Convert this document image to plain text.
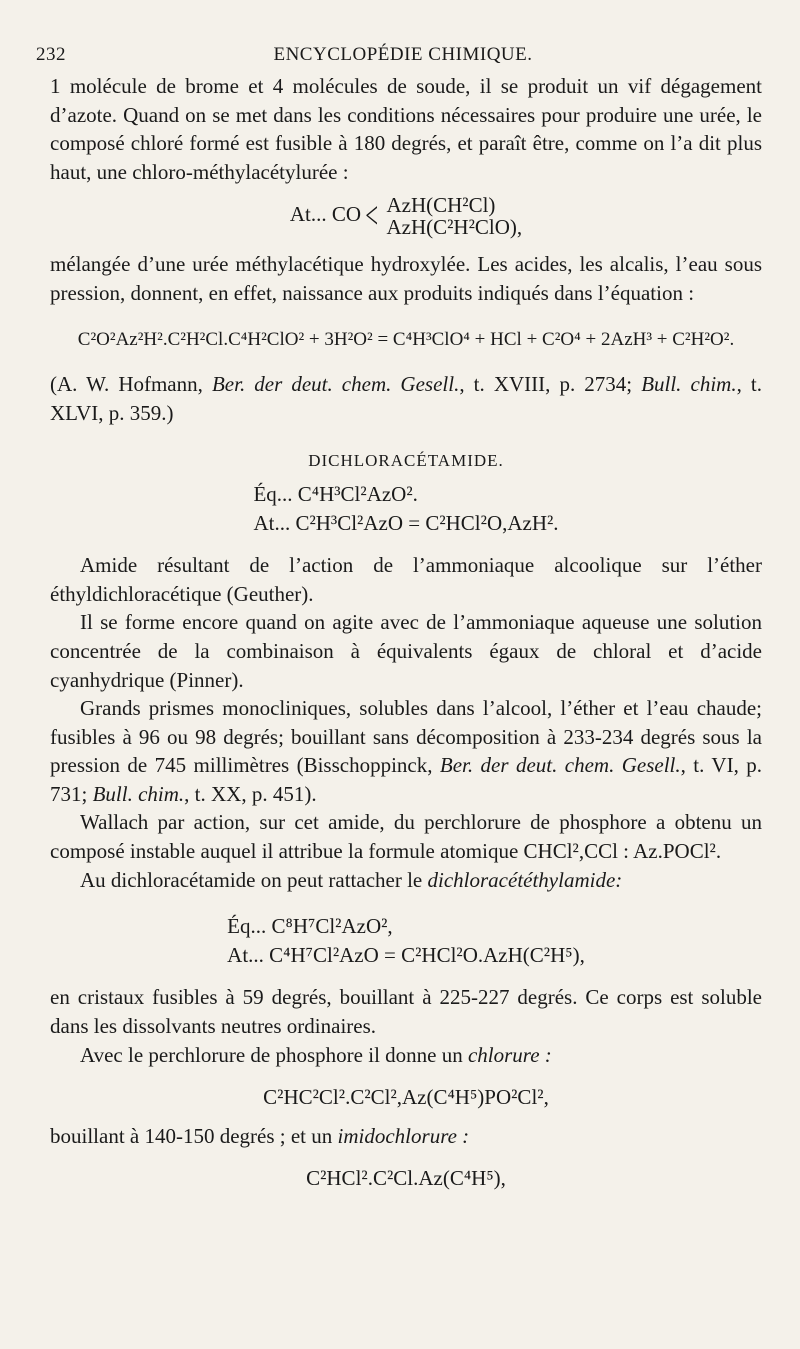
232	ENCYCLOPÉDIE CHIMIQUE.

1 molécule de brome et 4 molécules de soude, il se produit un vif dégagement d’azote. Quand on se met dans les conditions nécessaires pour produire une urée, le composé chloré formé est fusible à 180 degrés, et paraît être, comme on l’a dit plus haut, une chloro-méthylacétylurée :

At... CO < AzH(CH²Cl)
AzH(C²H²ClO),

mélangée d’une urée méthylacétique hydroxylée. Les acides, les alcalis, l’eau sous pression, donnent, en effet, naissance aux produits indiqués dans l’équation :

C²O²Az²H².C²H²Cl.C⁴H²ClO² + 3H²O² = C⁴H³ClO⁴ + HCl + C²O⁴ + 2AzH³ + C²H²O².

(A. W. Hofmann, Ber. der deut. chem. Gesell., t. XVIII, p. 2734; Bull. chim., t. XLVI, p. 359.)

DICHLORACÉTAMIDE.
Éq... C⁴H³Cl²AzO².
At... C²H³Cl²AzO = C²HCl²O,AzH².

Amide résultant de l’action de l’ammoniaque alcoolique sur l’éther éthyldichloracétique (Geuther).

Il se forme encore quand on agite avec de l’ammoniaque aqueuse une solution concentrée de la combinaison à équivalents égaux de chloral et d’acide cyanhydrique (Pinner).

Grands prismes monocliniques, solubles dans l’alcool, l’éther et l’eau chaude; fusibles à 96 ou 98 degrés; bouillant sans décomposition à 233-234 degrés sous la pression de 745 millimètres (Bisschoppinck, Ber. der deut. chem. Gesell., t. VI, p. 731; Bull. chim., t. XX, p. 451).

Wallach par action, sur cet amide, du perchlorure de phosphore a obtenu un composé instable auquel il attribue la formule atomique CHCl²,CCl : Az.POCl².

Au dichloracétamide on peut rattacher le dichloracététhylamide:

Éq... C⁸H⁷Cl²AzO²,
At... C⁴H⁷Cl²AzO = C²HCl²O.AzH(C²H⁵),

en cristaux fusibles à 59 degrés, bouillant à 225-227 degrés. Ce corps est soluble dans les dissolvants neutres ordinaires.

Avec le perchlorure de phosphore il donne un chlorure :

C²HC²Cl².C²Cl²,Az(C⁴H⁵)PO²Cl²,

bouillant à 140-150 degrés ; et un imidochlorure :

C²HCl².C²Cl.Az(C⁴H⁵),
